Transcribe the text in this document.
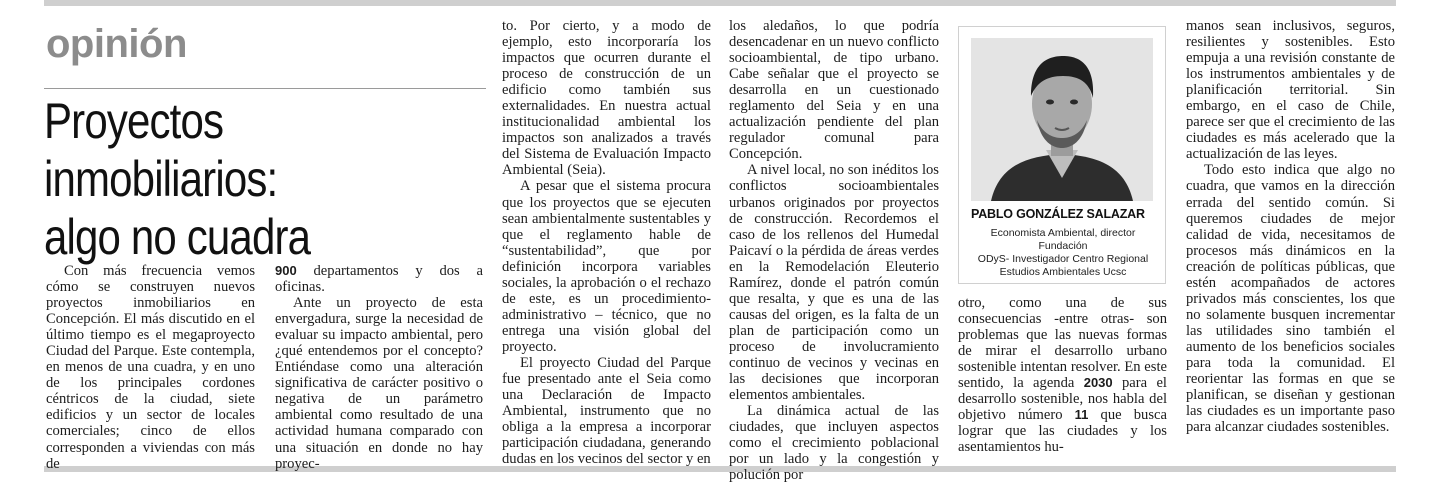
opinión
Proyectos inmobiliarios:
algo no cuadra

Con más frecuencia vemos cómo se construyen nuevos proyectos inmobiliarios en Concepción. El más discutido en el último tiempo es el megaproyecto Ciudad del Parque. Este contempla, en menos de una cuadra, y en uno de los principales cordones céntricos de la ciudad, siete edificios y un sector de locales comerciales; cinco de ellos corresponden a viviendas con más de

900 departamentos y dos a oficinas.

Ante un proyecto de esta envergadura, surge la necesidad de evaluar su impacto ambiental, pero ¿qué entendemos por el concepto? Entiéndase como una alteración significativa de carácter positivo o negativa de un parámetro ambiental como resultado de una actividad humana comparado con una situación en donde no hay proyec-

to. Por cierto, y a modo de ejemplo, esto incorporaría los impactos que ocurren durante el proceso de construcción de un edificio como también sus externalidades. En nuestra actual institucionalidad ambiental los impactos son analizados a través del Sistema de Evaluación Impacto Ambiental (Seia).

A pesar que el sistema procura que los proyectos que se ejecuten sean ambientalmente sustentables y que el reglamento hable de “sustentabilidad”, que por definición incorpora variables sociales, la aprobación o el rechazo de este, es un procedimiento-administrativo – técnico, que no entrega una visión global del proyecto.

El proyecto Ciudad del Parque fue presentado ante el Seia como una Declaración de Impacto Ambiental, instrumento que no obliga a la empresa a incorporar participación ciudadana, generando dudas en los vecinos del sector y en

los aledaños, lo que podría desencadenar en un nuevo conflicto socioambiental, de tipo urbano. Cabe señalar que el proyecto se desarrolla en un cuestionado reglamento del Seia y en una actualización pendiente del plan regulador comunal para Concepción.

A nivel local, no son inéditos los conflictos socioambientales urbanos originados por proyectos de construcción. Recordemos el caso de los rellenos del Humedal Paicaví o la pérdida de áreas verdes en la Remodelación Eleuterio Ramírez, donde el patrón común que resalta, y que es una de las causas del origen, es la falta de un plan de participación como un proceso de involucramiento continuo de vecinos y vecinas en las decisiones que incorporan elementos ambientales.

La dinámica actual de las ciudades, que incluyen aspectos como el crecimiento poblacional por un lado y la congestión y polución por

PABLO GONZÁLEZ SALAZAR
Economista Ambiental, director Fundación
ODyS- Investigador Centro Regional
Estudios Ambientales Ucsc

otro, como una de sus consecuencias -entre otras- son problemas que las nuevas formas de mirar el desarrollo urbano sostenible intentan resolver. En este sentido, la agenda 2030 para el desarrollo sostenible, nos habla del objetivo número 11 que busca lograr que las ciudades y los asentamientos hu-

manos sean inclusivos, seguros, resilientes y sostenibles. Esto empuja a una revisión constante de los instrumentos ambientales y de planificación territorial. Sin embargo, en el caso de Chile, parece ser que el crecimiento de las ciudades es más acelerado que la actualización de las leyes.

Todo esto indica que algo no cuadra, que vamos en la dirección errada del sentido común. Si queremos ciudades de mejor calidad de vida, necesitamos de procesos más dinámicos en la creación de políticas públicas, que estén acompañados de actores privados más conscientes, los que no solamente busquen incrementar las utilidades sino también el aumento de los beneficios sociales para toda la comunidad. El reorientar las formas en que se planifican, se diseñan y gestionan las ciudades es un importante paso para alcanzar ciudades sostenibles.
